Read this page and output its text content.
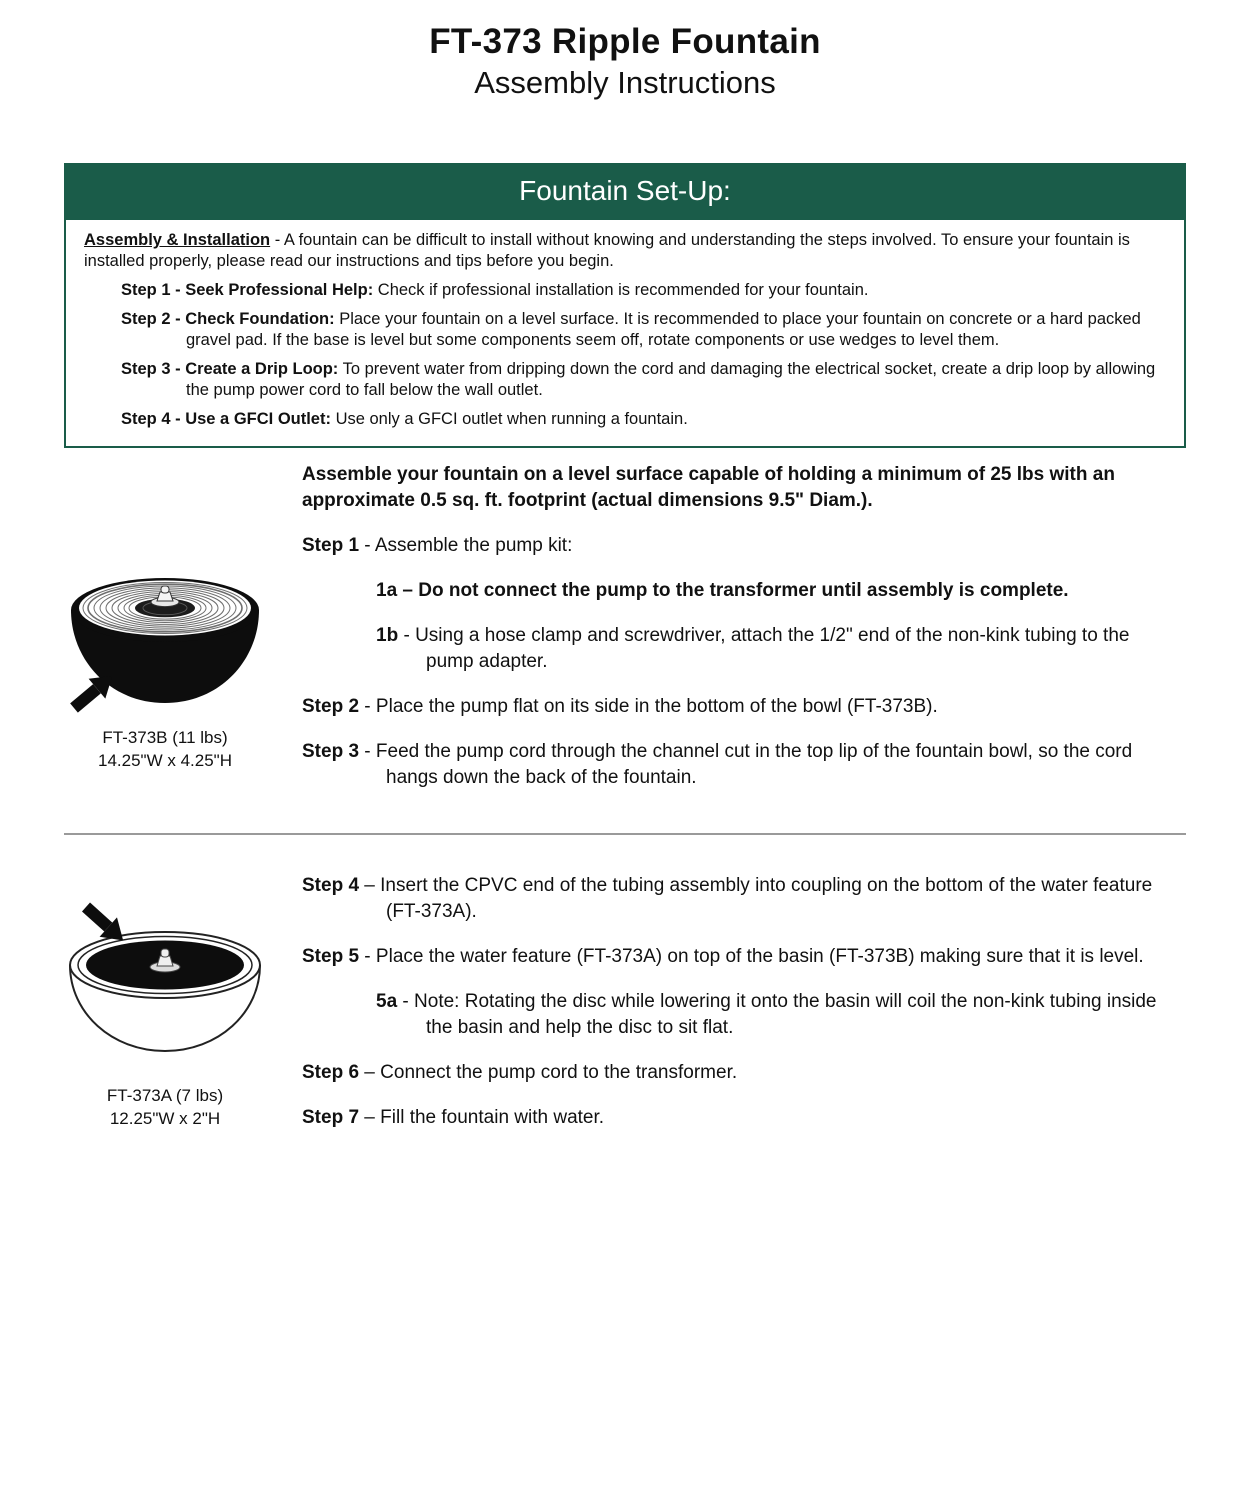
FT-373 Ripple Fountain
Assembly Instructions
Fountain Set-Up:

Assembly & Installation - A fountain can be difficult to install without knowing and understanding the steps involved. To ensure your fountain is installed properly, please read our instructions and tips before you begin.

Step 1 - Seek Professional Help: Check if professional installation is recommended for your fountain.

Step 2 - Check Foundation: Place your fountain on a level surface. It is recommended to place your fountain on concrete or a hard packed gravel pad. If the base is level but some components seem off, rotate components or use wedges to level them.

Step 3 - Create a Drip Loop: To prevent water from dripping down the cord and damaging the electrical socket, create a drip loop by allowing the pump power cord to fall below the wall outlet.

Step 4 - Use a GFCI Outlet: Use only a GFCI outlet when running a fountain.

FT-373B (11 lbs)
14.25"W x 4.25"H

Assemble your fountain on a level surface capable of holding a minimum of 25 lbs with an approximate 0.5 sq. ft. footprint (actual dimensions 9.5" Diam.).

Step 1 - Assemble the pump kit:

1a – Do not connect the pump to the transformer until assembly is complete.

1b - Using a hose clamp and screwdriver, attach the 1/2" end of the non-kink tubing to the pump adapter.

Step 2 - Place the pump flat on its side in the bottom of the bowl (FT-373B).

Step 3 - Feed the pump cord through the channel cut in the top lip of the fountain bowl, so the cord hangs down the back of the fountain.

FT-373A (7 lbs)
12.25"W x 2"H

Step 4 – Insert the CPVC end of the tubing assembly into coupling on the bottom of the water feature (FT-373A).

Step 5 - Place the water feature (FT-373A) on top of the basin (FT-373B) making sure that it is level.

5a - Note: Rotating the disc while lowering it onto the basin will coil the non-kink tubing inside the basin and help the disc to sit flat.

Step 6 – Connect the pump cord to the transformer.

Step 7 – Fill the fountain with water.
